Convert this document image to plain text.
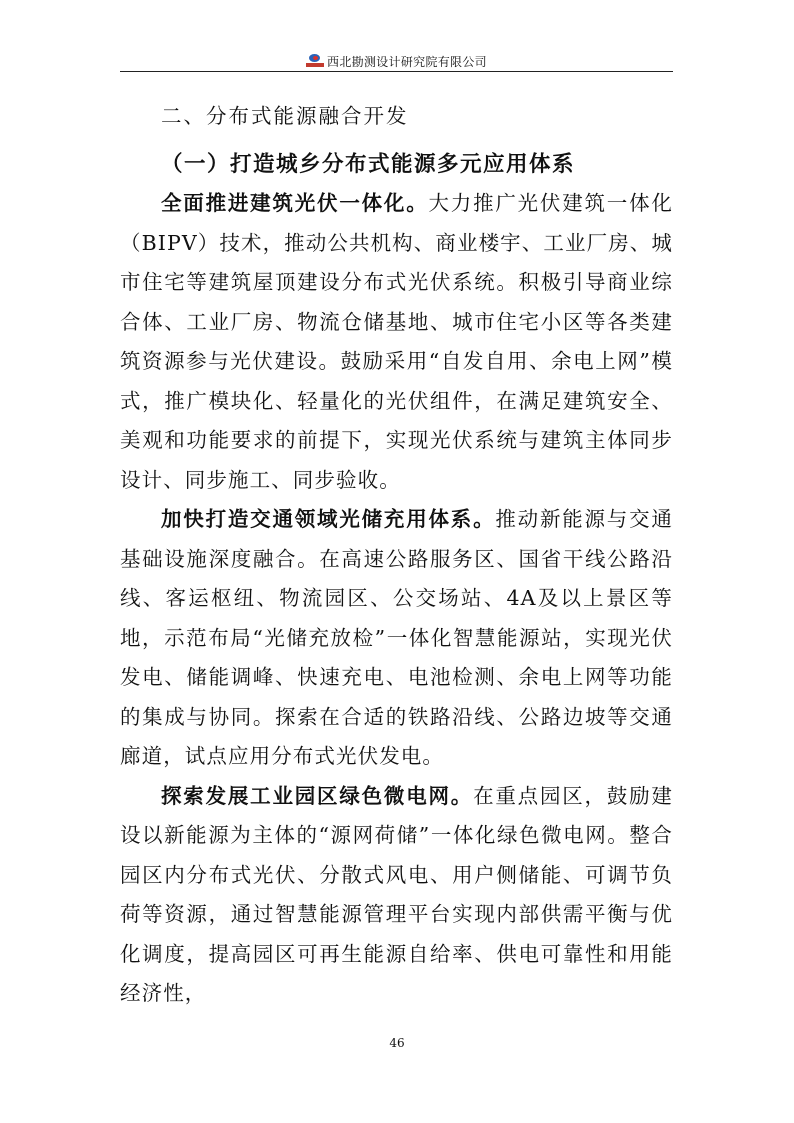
西北勘测设计研究院有限公司

二、分布式能源融合开发

（一）打造城乡分布式能源多元应用体系

全面推进建筑光伏一体化。大力推广光伏建筑一体化（BIPV）技术，推动公共机构、商业楼宇、工业厂房、城市住宅等建筑屋顶建设分布式光伏系统。积极引导商业综合体、工业厂房、物流仓储基地、城市住宅小区等各类建筑资源参与光伏建设。鼓励采用“自发自用、余电上网”模式，推广模块化、轻量化的光伏组件，在满足建筑安全、美观和功能要求的前提下，实现光伏系统与建筑主体同步设计、同步施工、同步验收。

加快打造交通领域光储充用体系。推动新能源与交通基础设施深度融合。在高速公路服务区、国省干线公路沿线、客运枢纽、物流园区、公交场站、4A及以上景区等地，示范布局“光储充放检”一体化智慧能源站，实现光伏发电、储能调峰、快速充电、电池检测、余电上网等功能的集成与协同。探索在合适的铁路沿线、公路边坡等交通廊道，试点应用分布式光伏发电。

探索发展工业园区绿色微电网。在重点园区，鼓励建设以新能源为主体的“源网荷储”一体化绿色微电网。整合园区内分布式光伏、分散式风电、用户侧储能、可调节负荷等资源，通过智慧能源管理平台实现内部供需平衡与优化调度，提高园区可再生能源自给率、供电可靠性和用能经济性，

46
